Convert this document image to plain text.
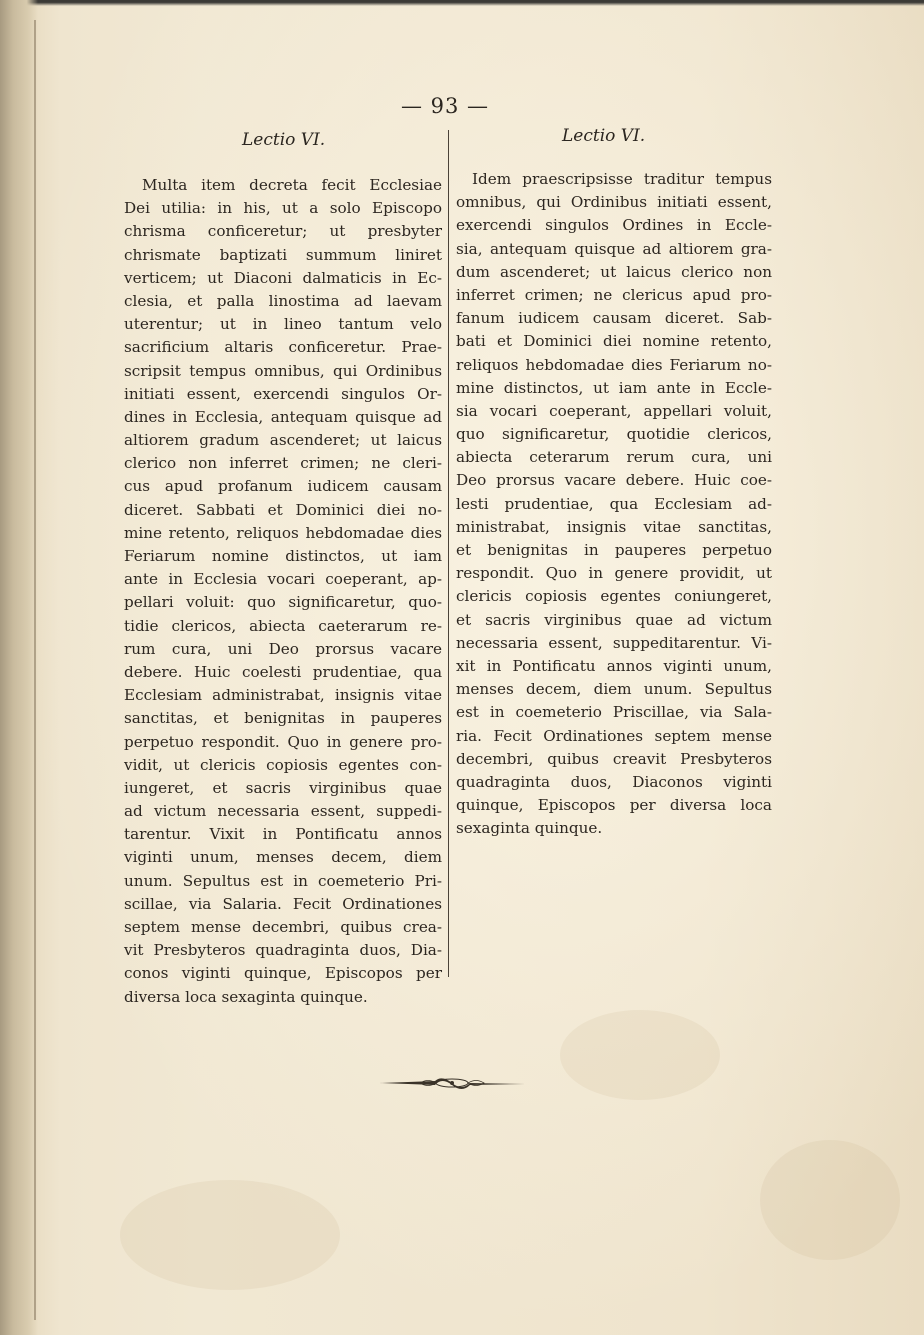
— 93 —
Lectio VI.	Lectio VI.
Multa item decreta fecit Ecclesiae
Dei utilia: in his, ut a solo Episcopo
chrisma conficeretur; ut presbyter
chrismate baptizati summum liniret
verticem; ut Diaconi dalmaticis in Ec-
clesia, et palla linostima ad laevam
uterentur; ut in lineo tantum velo
sacrificium altaris conficeretur. Prae-
scripsit tempus omnibus, qui Ordinibus
initiati essent, exercendi singulos Or-
dines in Ecclesia, antequam quisque ad
altiorem gradum ascenderet; ut laicus
clerico non inferret crimen; ne cleri-
cus apud profanum iudicem causam
diceret. Sabbati et Dominici diei no-
mine retento, reliquos hebdomadae dies
Feriarum nomine distinctos, ut iam
ante in Ecclesia vocari coeperant, ap-
pellari voluit: quo significaretur, quo-
tidie clericos, abiecta caeterarum re-
rum cura, uni Deo prorsus vacare
debere. Huic coelesti prudentiae, qua
Ecclesiam administrabat, insignis vitae
sanctitas, et benignitas in pauperes
perpetuo respondit. Quo in genere pro-
vidit, ut clericis copiosis egentes con-
iungeret, et sacris virginibus quae
ad victum necessaria essent, suppedi-
tarentur. Vixit in Pontificatu annos
viginti unum, menses decem, diem
unum. Sepultus est in coemeterio Pri-
scillae, via Salaria. Fecit Ordinationes
septem mense decembri, quibus crea-
vit Presbyteros quadraginta duos, Dia-
conos viginti quinque, Episcopos per
diversa loca sexaginta quinque.
Idem praescripsisse traditur tempus
omnibus, qui Ordinibus initiati essent,
exercendi singulos Ordines in Eccle-
sia, antequam quisque ad altiorem gra-
dum ascenderet; ut laicus clerico non
inferret crimen; ne clericus apud pro-
fanum iudicem causam diceret. Sab-
bati et Dominici diei nomine retento,
reliquos hebdomadae dies Feriarum no-
mine distinctos, ut iam ante in Eccle-
sia vocari coeperant, appellari voluit,
quo significaretur, quotidie clericos,
abiecta ceterarum rerum cura, uni
Deo prorsus vacare debere. Huic coe-
lesti prudentiae, qua Ecclesiam ad-
ministrabat, insignis vitae sanctitas,
et benignitas in pauperes perpetuo
respondit. Quo in genere providit, ut
clericis copiosis egentes coniungeret,
et sacris virginibus quae ad victum
necessaria essent, suppeditarentur. Vi-
xit in Pontificatu annos viginti unum,
menses decem, diem unum. Sepultus
est in coemeterio Priscillae, via Sala-
ria. Fecit Ordinationes septem mense
decembri, quibus creavit Presbyteros
quadraginta duos, Diaconos viginti
quinque, Episcopos per diversa loca
sexaginta quinque.
